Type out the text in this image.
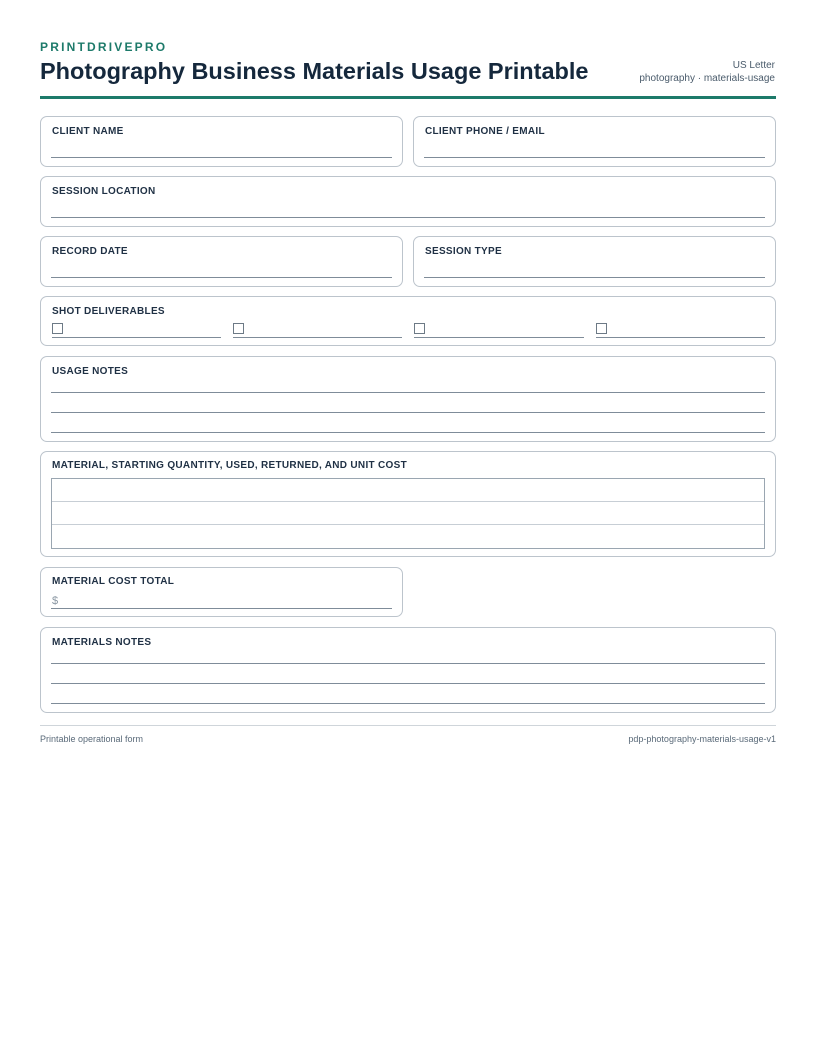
PRINTDRIVEPRO
Photography Business Materials Usage Printable	US Letter
photography · materials-usage
CLIENT NAME	CLIENT PHONE / EMAIL
SESSION LOCATION
RECORD DATE	SESSION TYPE
SHOT DELIVERABLES
USAGE NOTES
MATERIAL, STARTING QUANTITY, USED, RETURNED, AND UNIT COST
MATERIAL COST TOTAL
$
MATERIALS NOTES
Printable operational form	pdp-photography-materials-usage-v1
